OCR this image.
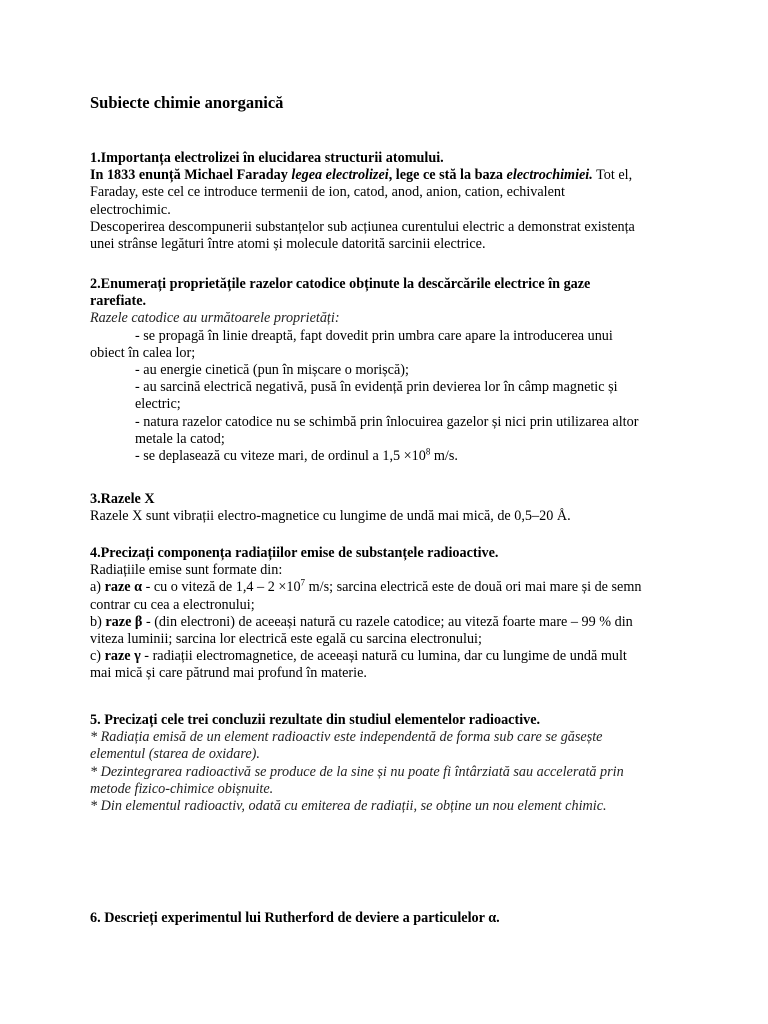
Subiecte chimie anorganică

1.Importanța electrolizei în elucidarea structurii atomului.

In 1833 enunță Michael Faraday legea electrolizei, lege ce stă la baza electrochimiei. Tot el,

Faraday, este cel ce introduce termenii de ion, catod, anod, anion, cation, echivalent

electrochimic.

Descoperirea descompunerii substanțelor sub acțiunea curentului electric a demonstrat existența

unei strânse legături între atomi și molecule datorită sarcinii electrice.

2.Enumerați proprietățile razelor catodice obținute la descărcările electrice în gaze

rarefiate.

Razele catodice au următoarele proprietăți:

- se propagă în linie dreaptă, fapt dovedit prin umbra care apare la introducerea unui

obiect în calea lor;

- au energie cinetică (pun în mișcare o morișcă);

- au sarcină electrică negativă, pusă în evidență prin devierea lor în câmp magnetic și

electric;

- natura razelor catodice nu se schimbă prin înlocuirea gazelor și nici prin utilizarea altor

metale la catod;

- se deplasează cu viteze mari, de ordinul a $1,5 \times 10^8$ m/s.

3.Razele X

Razele X sunt vibrații electro-magnetice cu lungime de undă mai mică, de 0,5–20 Å.

4.Precizați componența radiațiilor emise de substanțele radioactive.

Radiațiile emise sunt formate din:

a) raze α - cu o viteză de $1,4 - 2 \times 10^7$ m/s; sarcina electrică este de două ori mai mare și de semn

contrar cu cea a electronului;

b) raze β - (din electroni) de aceeași natură cu razele catodice; au viteză foarte mare – 99 % din

viteza luminii; sarcina lor electrică este egală cu sarcina electronului;

c) raze γ - radiații electromagnetice, de aceeași natură cu lumina, dar cu lungime de undă mult

mai mică și care pătrund mai profund în materie.

5. Precizați cele trei concluzii rezultate din studiul elementelor radioactive.

* Radiația emisă de un element radioactiv este independentă de forma sub care se găsește

elementul (starea de oxidare).

* Dezintegrarea radioactivă se produce de la sine și nu poate fi întârziată sau accelerată prin

metode fizico-chimice obișnuite.

* Din elementul radioactiv, odată cu emiterea de radiații, se obține un nou element chimic.

6. Descrieți experimentul lui Rutherford de deviere a particulelor α.
